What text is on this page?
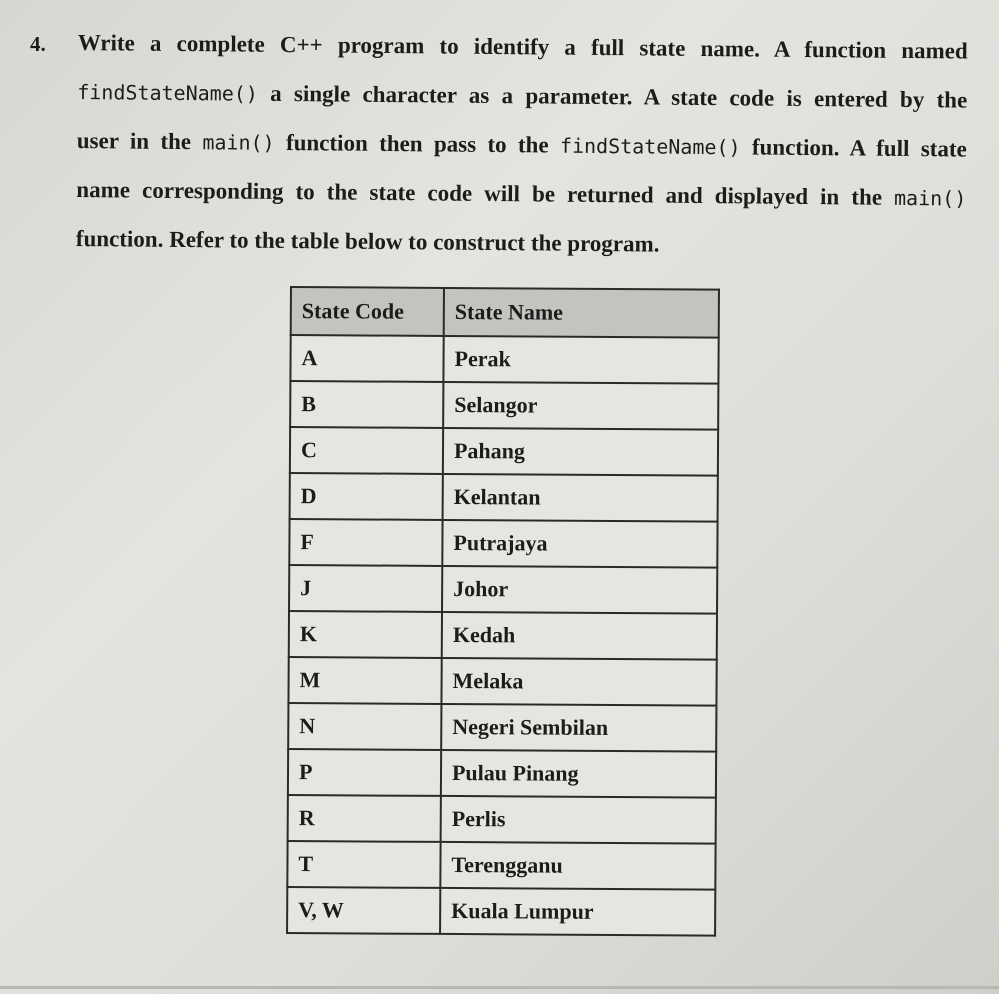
4. Write a complete C++ program to identify a full state name. A function named
findStateName() a single character as a parameter. A state code is entered by the
user in the main() function then pass to the findStateName() function. A full state
name corresponding to the state code will be returned and displayed in the main()
function. Refer to the table below to construct the program.
State Code	State Name
A	Perak
B	Selangor
C	Pahang
D	Kelantan
F	Putrajaya
J	Johor
K	Kedah
M	Melaka
N	Negeri Sembilan
P	Pulau Pinang
R	Perlis
T	Terengganu
V, W	Kuala Lumpur
